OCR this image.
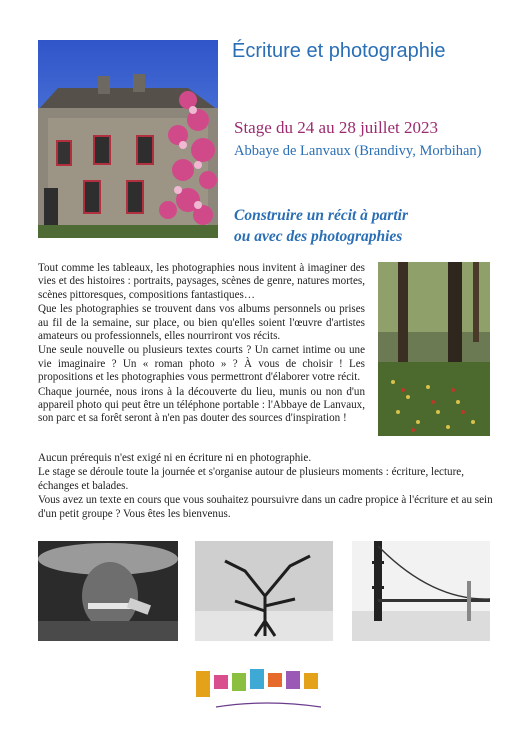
Écriture et photographie
Stage du 24 au 28 juillet 2023
Abbaye de Lanvaux (Brandivy, Morbihan)
Construire un récit à partir
ou avec des photographies

Tout comme les tableaux, les photographies nous invitent à imaginer des vies et des histoires : portraits, paysages, scènes de genre, natures mortes, scènes pittoresques, compositions fantastiques…

Que les photographies se trouvent dans vos albums personnels ou prises au fil de la semaine, sur place, ou bien qu'elles soient l'œuvre d'artistes amateurs ou professionnels, elles nourriront vos récits.

Une seule nouvelle ou plusieurs textes courts ? Un carnet intime ou une vie imaginaire ? Un « roman photo » ? À vous de choisir ! Les propositions et les photographies vous permettront d'élaborer votre récit.

Chaque journée, nous irons à la découverte du lieu, munis ou non d'un appareil photo qui peut être un téléphone portable : l'Abbaye de Lanvaux, son parc et sa forêt seront à n'en pas douter des sources d'inspiration !

Aucun prérequis n'est exigé ni en écriture ni en photographie.

Le stage se déroule toute la journée et s'organise autour de plusieurs moments : écriture, lecture, échanges et balades.

Vous avez un texte en cours que vous souhaitez poursuivre dans un cadre propice à l'écriture et au sein d'un petit groupe ? Vous êtes les bienvenus.
